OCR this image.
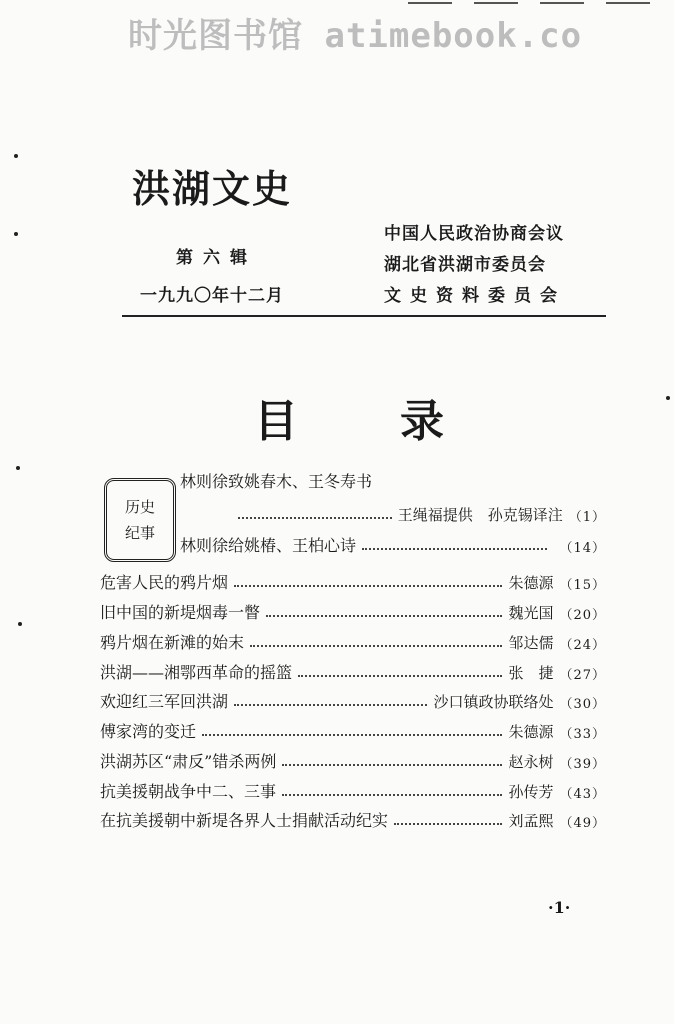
时光图书馆 atimebook.co
洪湖文史
第六辑
一九九〇年十二月
中国人民政治协商会议
湖北省洪湖市委员会
文史资料委员会
目 录
历史
纪事
林则徐致姚春木、王冬寿书
王绳福提供　孙克锡译注 （1）
林则徐给姚椿、王柏心诗	（14）
危害人民的鸦片烟	朱德源 （15）
旧中国的新堤烟毒一瞥	魏光国 （20）
鸦片烟在新滩的始末	邹达儒 （24）
洪湖——湘鄂西革命的摇篮	张　捷 （27）
欢迎红三军回洪湖	沙口镇政协联络处 （30）
傅家湾的变迁	朱德源 （33）
洪湖苏区“肃反”错杀两例	赵永树 （39）
抗美援朝战争中二、三事	孙传芳 （43）
在抗美援朝中新堤各界人士捐献活动纪实	刘孟熙 （49）
·1·
